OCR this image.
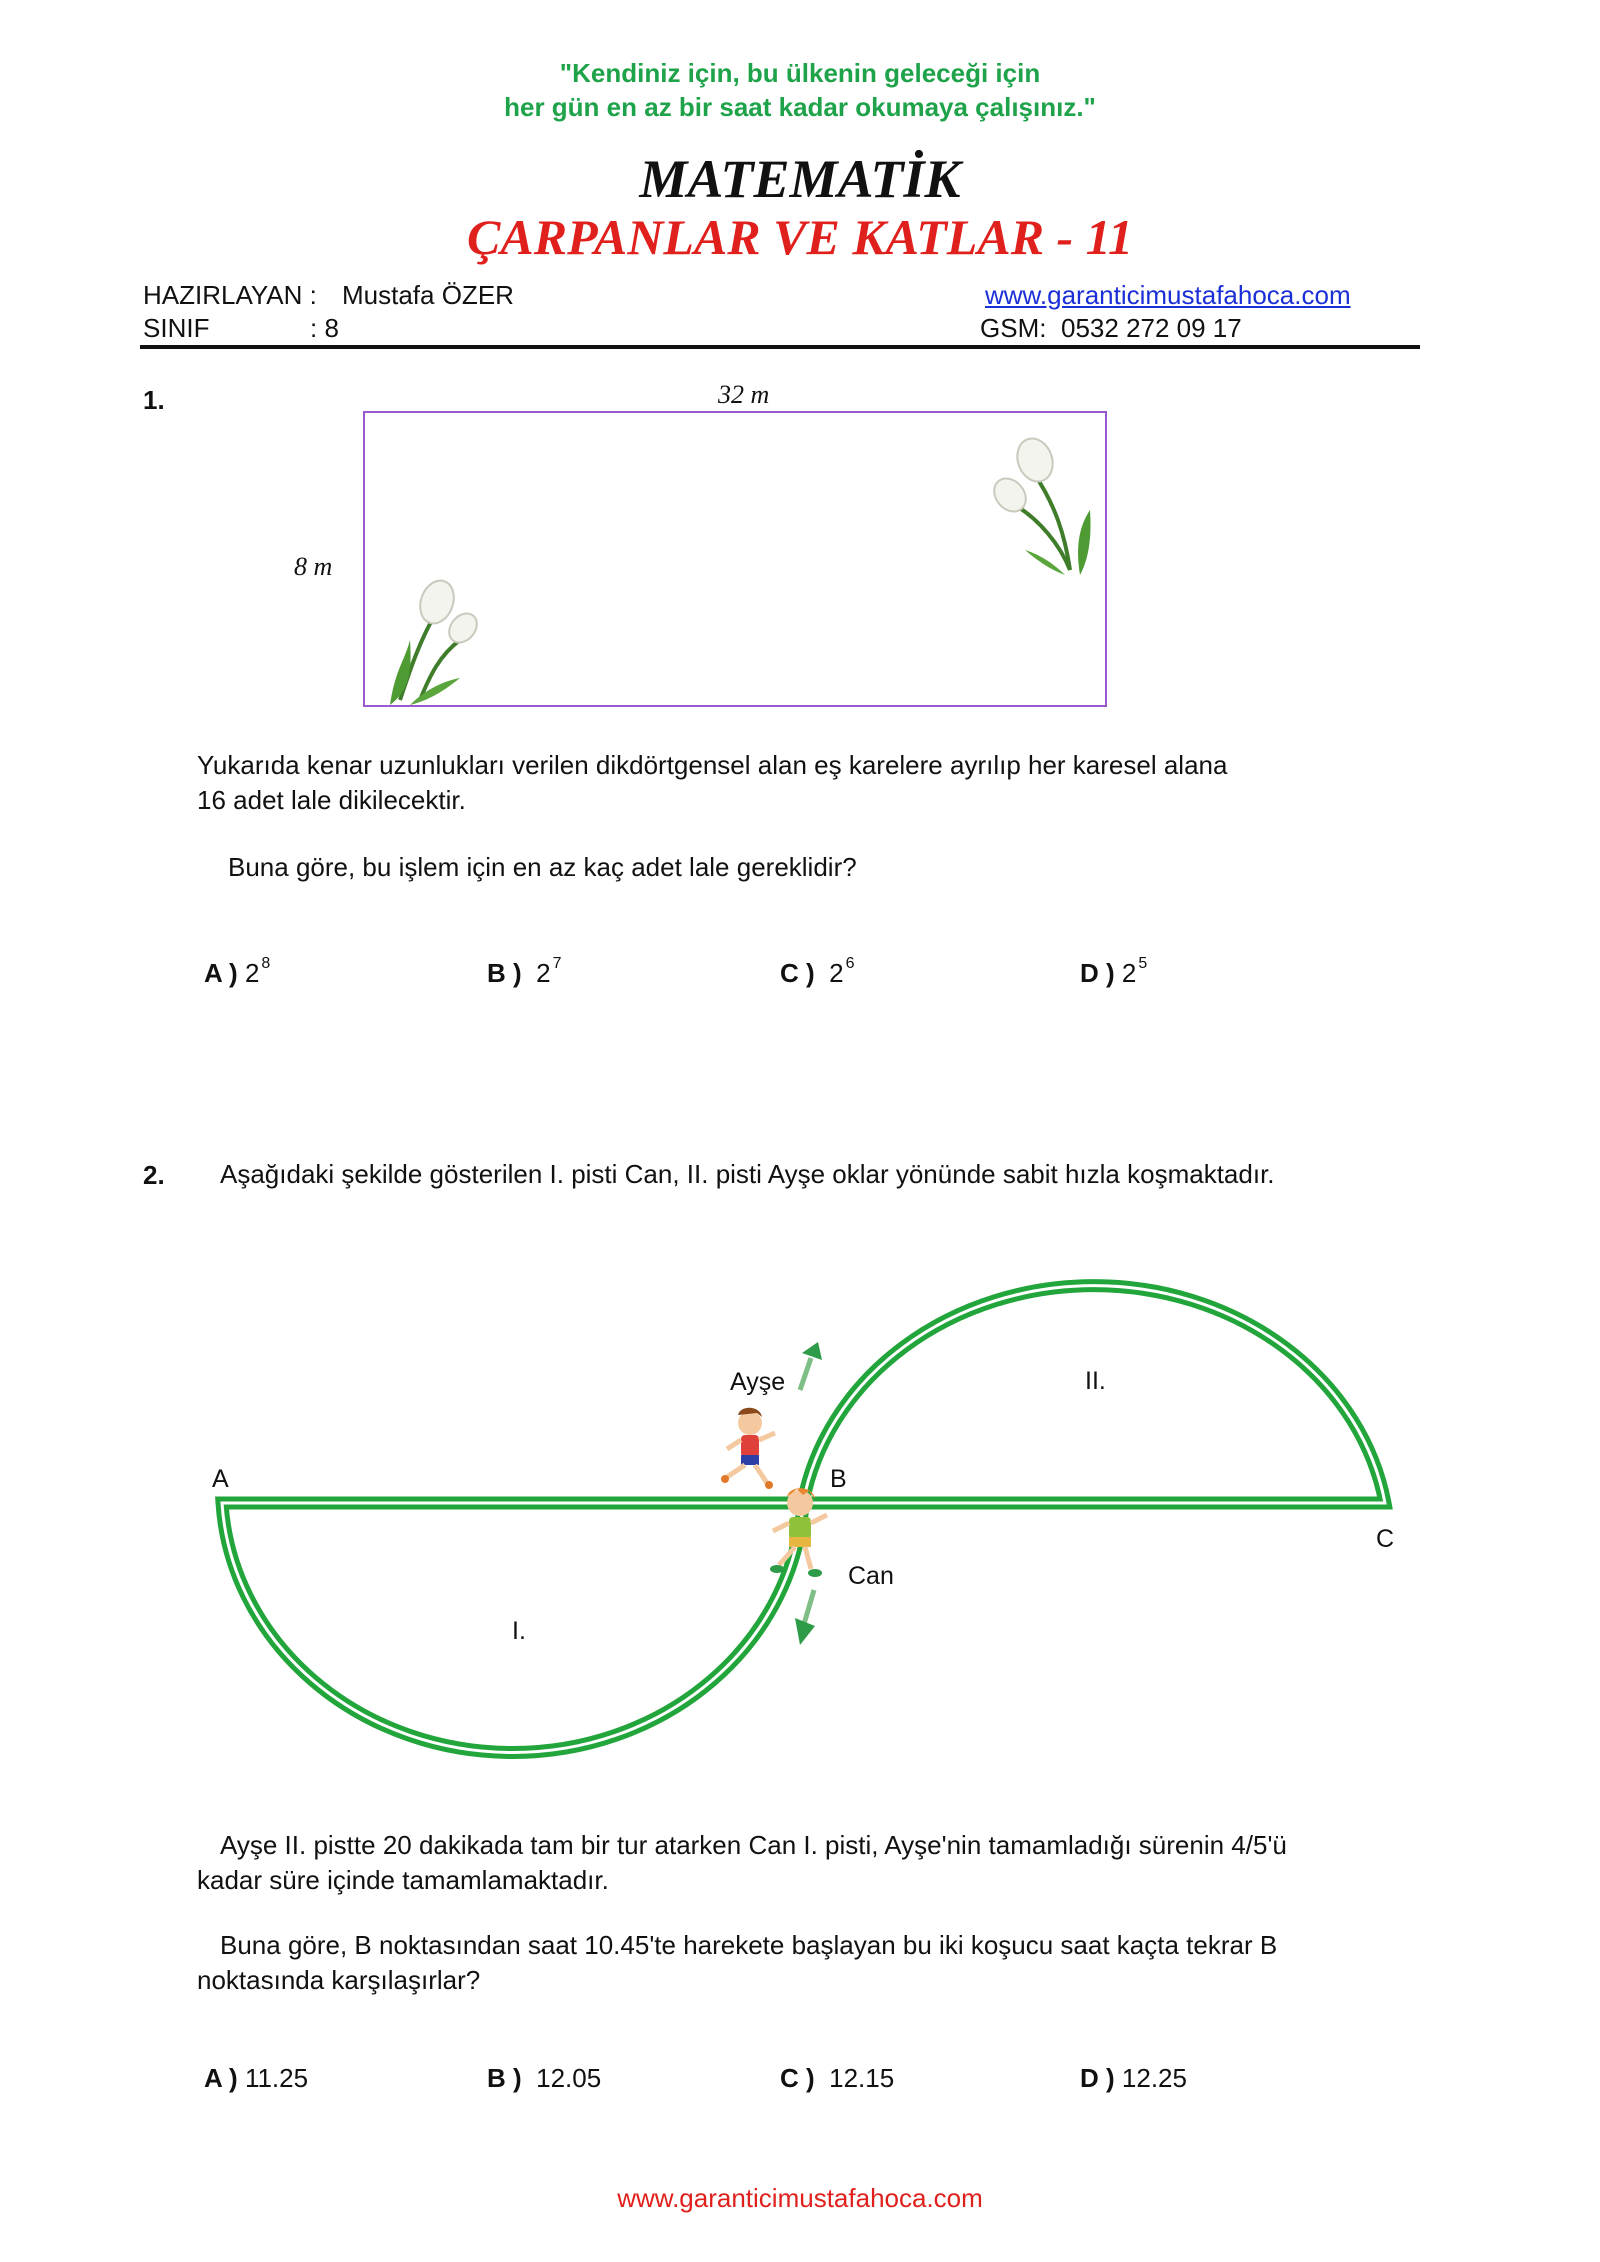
"Kendiniz için, bu ülkenin geleceği için
her gün en az bir saat kadar okumaya çalışınız."
MATEMATİK
ÇARPANLAR VE KATLAR - 11
HAZIRLAYAN : Mustafa ÖZER
SINIF	: 8
www.garanticimustafahoca.com
GSM: 0532 272 09 17
1.	32 m
8 m
Yukarıda kenar uzunlukları verilen dikdörtgensel alan eş karelere ayrılıp her karesel alana
16 adet lale dikilecektir.
Buna göre, bu işlem için en az kaç adet lale gereklidir?
A ) 2 $^8$	B ) 2 $^7$	C ) 2 $^6$	D ) 2 $^5$
2. Aşağıdaki şekilde gösterilen I. pisti Can, II. pisti Ayşe oklar yönünde sabit hızla koşmaktadır.
A	B
C
Ayşe
Can
I.
II.
Ayşe II. pistte 20 dakikada tam bir tur atarken Can I. pisti, Ayşe'nin tamamladığı sürenin 4/5'ü
kadar süre içinde tamamlamaktadır.
Buna göre, B noktasından saat 10.45'te harekete başlayan bu iki koşucu saat kaçta tekrar B
noktasında karşılaşırlar?
A ) 11.25	B ) 12.05	C ) 12.15	D ) 12.25
www.garanticimustafahoca.com
